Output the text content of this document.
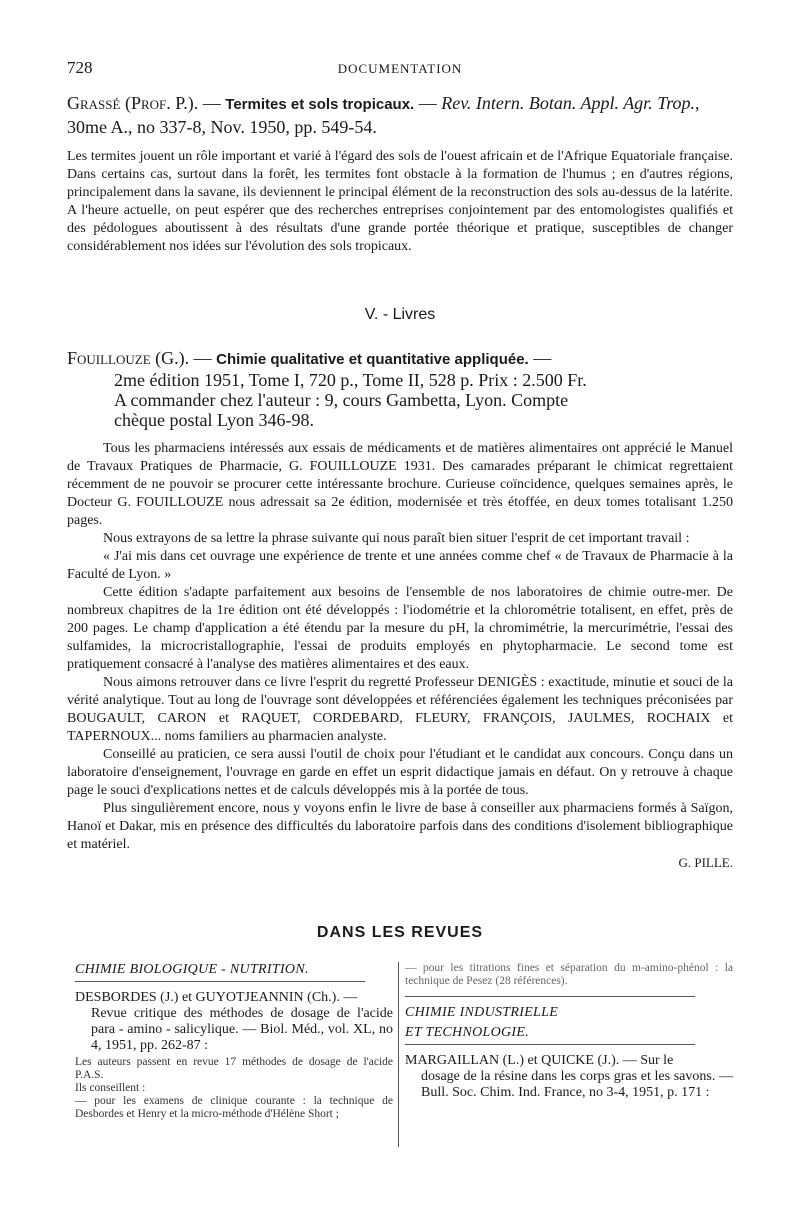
728	DOCUMENTATION
Grassé (Prof. P.). — Termites et sols tropicaux. — Rev. Intern. Botan. Appl. Agr. Trop., 30me A., no 337-8, Nov. 1950, pp. 549-54.

Les termites jouent un rôle important et varié à l'égard des sols de l'ouest africain et de l'Afrique Equatoriale française. Dans certains cas, surtout dans la forêt, les termites font obstacle à la formation de l'humus ; en d'autres régions, principalement dans la savane, ils deviennent le principal élément de la reconstruction des sols au-dessus de la latérite. A l'heure actuelle, on peut espérer que des recherches entreprises conjointement par des entomologistes qualifiés et des pédologues aboutissent à des résultats d'une grande portée théorique et pratique, susceptibles de changer considérablement nos idées sur l'évolution des sols tropicaux.

V. - Livres
Fouillouze (G.). — Chimie qualitative et quantitative appliquée. —
2me édition 1951, Tome I, 720 p., Tome II, 528 p. Prix : 2.500 Fr.
A commander chez l'auteur : 9, cours Gambetta, Lyon. Compte
chèque postal Lyon 346-98.

Tous les pharmaciens intéressés aux essais de médicaments et de matières alimentaires ont apprécié le Manuel de Travaux Pratiques de Pharmacie, G. FOUILLOUZE 1931. Des camarades préparant le chimicat regrettaient récemment de ne pouvoir se procurer cette intéressante brochure. Curieuse coïncidence, quelques semaines après, le Docteur G. FOUILLOUZE nous adressait sa 2e édition, modernisée et très étoffée, en deux tomes totalisant 1.250 pages.

Nous extrayons de sa lettre la phrase suivante qui nous paraît bien situer l'esprit de cet important travail :

« J'ai mis dans cet ouvrage une expérience de trente et une années comme chef « de Travaux de Pharmacie à la Faculté de Lyon. »

Cette édition s'adapte parfaitement aux besoins de l'ensemble de nos laboratoires de chimie outre-mer. De nombreux chapitres de la 1re édition ont été développés : l'iodométrie et la chlorométrie totalisent, en effet, près de 200 pages. Le champ d'application a été étendu par la mesure du pH, la chromimétrie, la mercurimétrie, l'essai des sulfamides, la microcristallographie, l'essai de produits employés en phytopharmacie. Le second tome est pratiquement consacré à l'analyse des matières alimentaires et des eaux.

Nous aimons retrouver dans ce livre l'esprit du regretté Professeur DENIGÈS : exactitude, minutie et souci de la vérité analytique. Tout au long de l'ouvrage sont développées et référenciées également les techniques préconisées par BOUGAULT, CARON et RAQUET, CORDEBARD, FLEURY, FRANÇOIS, JAULMES, ROCHAIX et TAPERNOUX... noms familiers au pharmacien analyste.

Conseillé au praticien, ce sera aussi l'outil de choix pour l'étudiant et le candidat aux concours. Conçu dans un laboratoire d'enseignement, l'ouvrage en garde en effet un esprit didactique jamais en défaut. On y retrouve à chaque page le souci d'explications nettes et de calculs développés mis à la portée de tous.

Plus singulièrement encore, nous y voyons enfin le livre de base à conseiller aux pharmaciens formés à Saïgon, Hanoï et Dakar, mis en présence des difficultés du laboratoire parfois dans des conditions d'isolement bibliographique et matériel.

G. PILLE.

DANS LES REVUES

CHIMIE BIOLOGIQUE - NUTRITION.

DESBORDES (J.) et GUYOTJEANNIN (Ch.). —
Revue critique des méthodes de dosage de l'acide para - amino - salicylique. — Biol. Méd., vol. XL, no 4, 1951, pp. 262-87 :
Les auteurs passent en revue 17 méthodes de dosage de l'acide P.A.S.
Ils conseillent :
— pour les examens de clinique courante : la technique de Desbordes et Henry et la micro-méthode d'Hélène Short ;
— pour les titrations fines et séparation du m-amino-phénol : la technique de Pesez (28 références).

CHIMIE INDUSTRIELLE

ET TECHNOLOGIE.

MARGAILLAN (L.) et QUICKE (J.). — Sur le
dosage de la résine dans les corps gras et les savons. — Bull. Soc. Chim. Ind. France, no 3-4, 1951, p. 171 :
